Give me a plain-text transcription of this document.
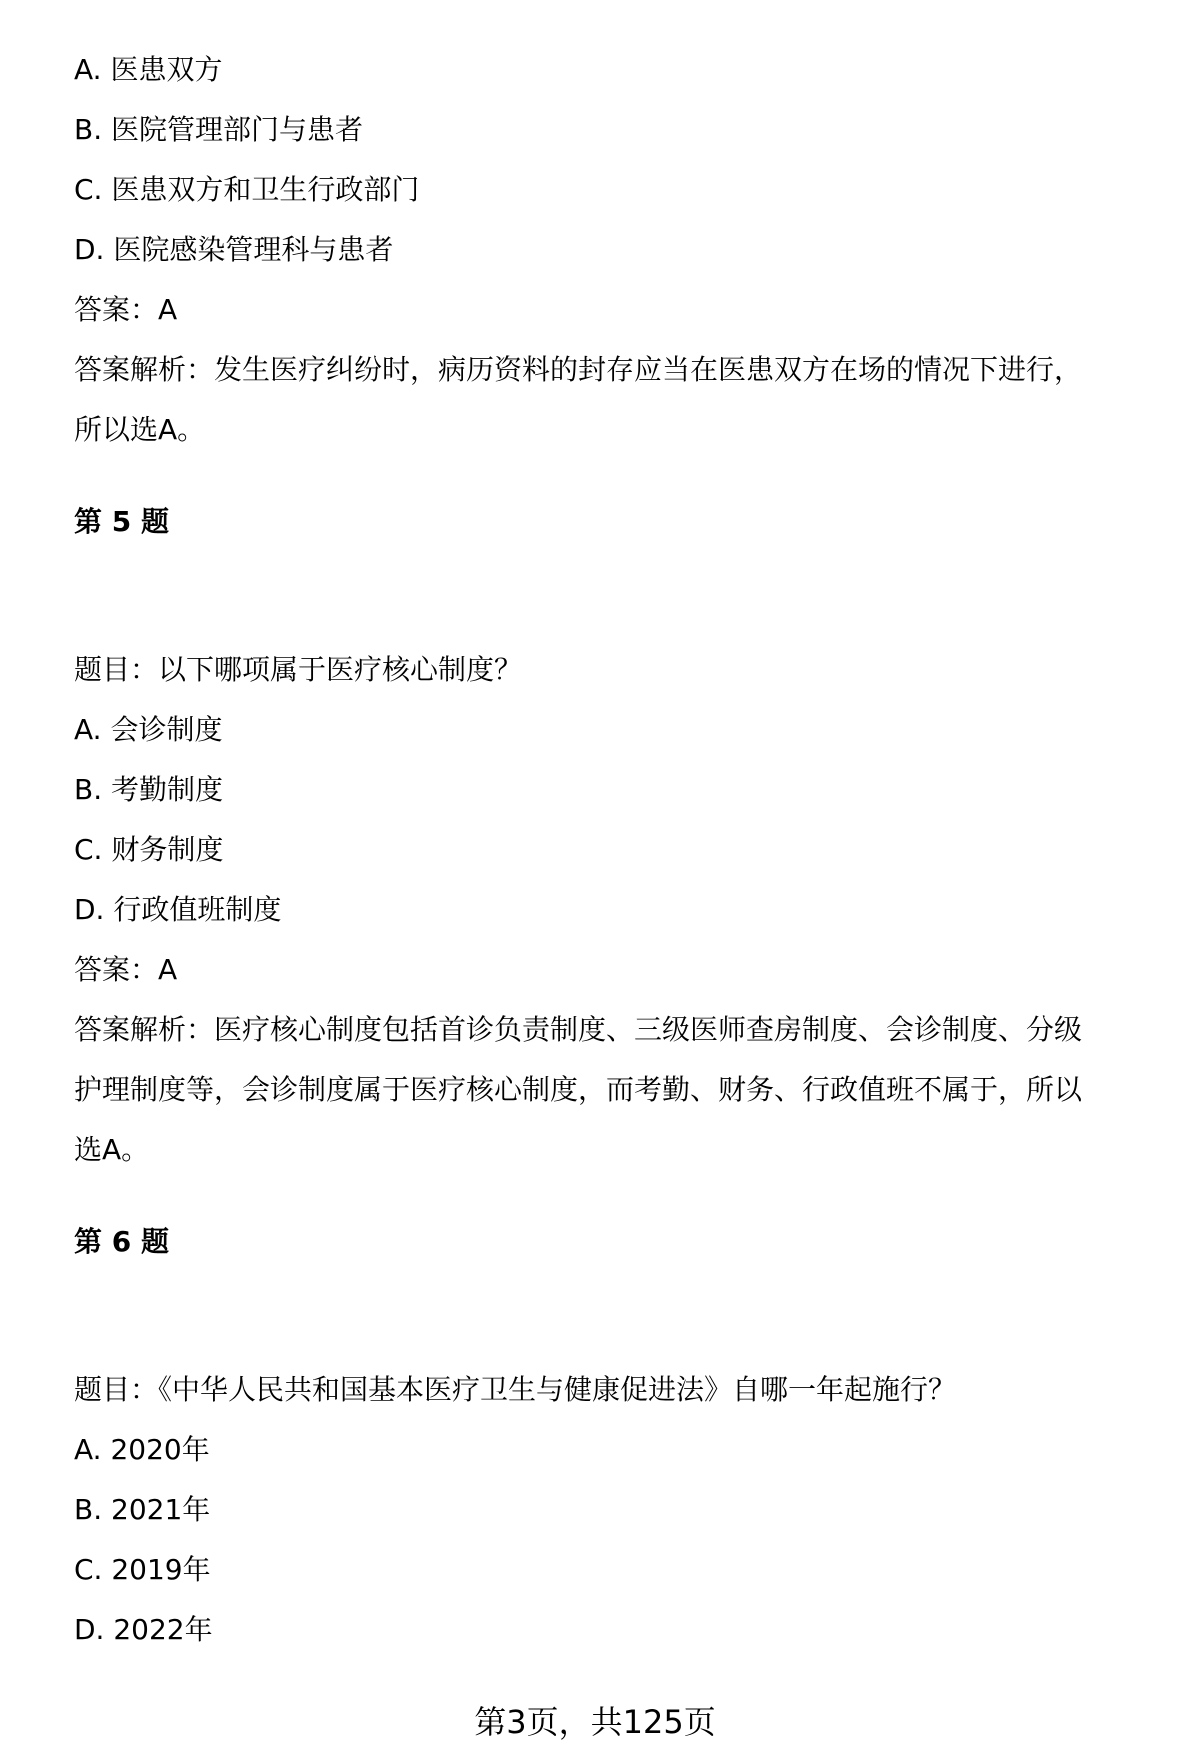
A. 医患双方
B. 医院管理部门与患者
C. 医患双方和卫生行政部门
D. 医院感染管理科与患者
答案：A
答案解析：发生医疗纠纷时，病历资料的封存应当在医患双方在场的情况下进行，
所以选A。
第 5 题
题目：以下哪项属于医疗核心制度？
A. 会诊制度
B. 考勤制度
C. 财务制度
D. 行政值班制度
答案：A
答案解析：医疗核心制度包括首诊负责制度、三级医师查房制度、会诊制度、分级
护理制度等，会诊制度属于医疗核心制度，而考勤、财务、行政值班不属于，所以
选A。
第 6 题
题目：《中华人民共和国基本医疗卫生与健康促进法》自哪一年起施行？
A. 2020年
B. 2021年
C. 2019年
D. 2022年
第3页，共125页
